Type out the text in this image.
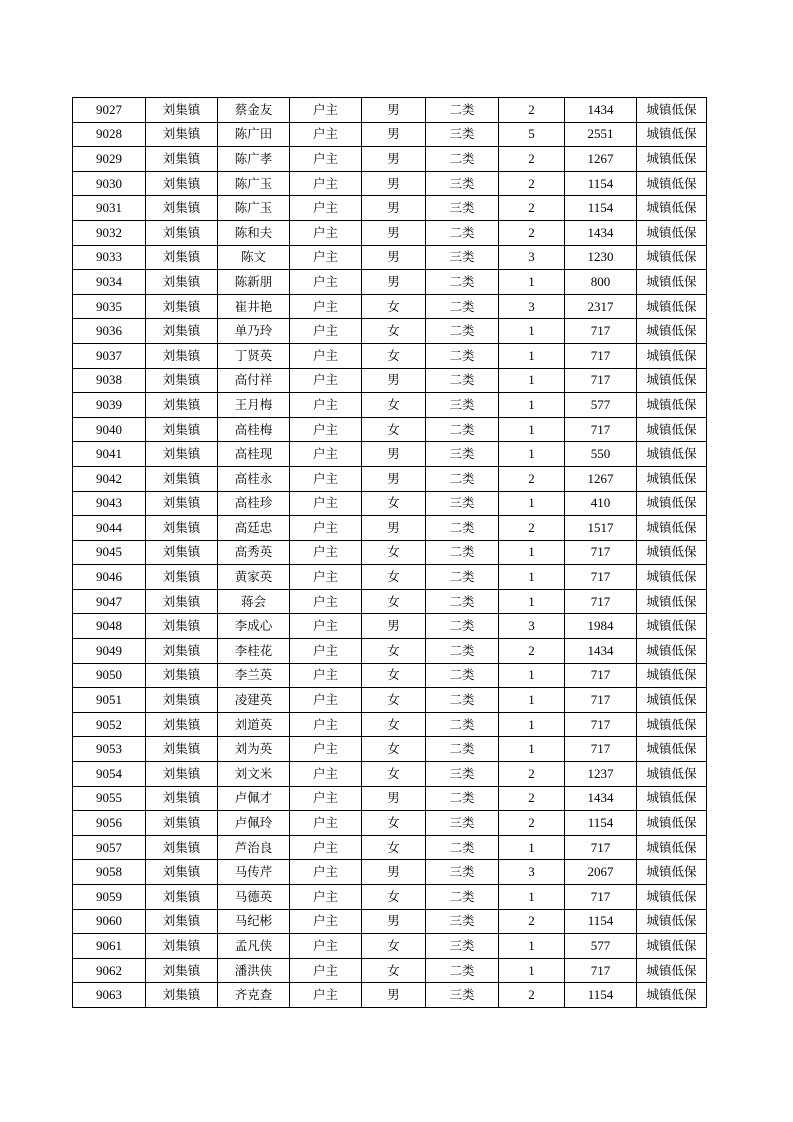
9027	刘集镇	蔡金友	户主	男	二类	2	1434	城镇低保
9028	刘集镇	陈广田	户主	男	三类	5	2551	城镇低保
9029	刘集镇	陈广孝	户主	男	二类	2	1267	城镇低保
9030	刘集镇	陈广玉	户主	男	三类	2	1154	城镇低保
9031	刘集镇	陈广玉	户主	男	三类	2	1154	城镇低保
9032	刘集镇	陈和夫	户主	男	二类	2	1434	城镇低保
9033	刘集镇	陈文	户主	男	三类	3	1230	城镇低保
9034	刘集镇	陈新朋	户主	男	二类	1	800	城镇低保
9035	刘集镇	崔井艳	户主	女	二类	3	2317	城镇低保
9036	刘集镇	单乃玲	户主	女	二类	1	717	城镇低保
9037	刘集镇	丁贤英	户主	女	二类	1	717	城镇低保
9038	刘集镇	高付祥	户主	男	二类	1	717	城镇低保
9039	刘集镇	王月梅	户主	女	三类	1	577	城镇低保
9040	刘集镇	高桂梅	户主	女	二类	1	717	城镇低保
9041	刘集镇	高桂现	户主	男	三类	1	550	城镇低保
9042	刘集镇	高桂永	户主	男	二类	2	1267	城镇低保
9043	刘集镇	高桂珍	户主	女	三类	1	410	城镇低保
9044	刘集镇	高廷忠	户主	男	二类	2	1517	城镇低保
9045	刘集镇	高秀英	户主	女	二类	1	717	城镇低保
9046	刘集镇	黄家英	户主	女	二类	1	717	城镇低保
9047	刘集镇	蒋会	户主	女	二类	1	717	城镇低保
9048	刘集镇	李成心	户主	男	二类	3	1984	城镇低保
9049	刘集镇	李桂花	户主	女	二类	2	1434	城镇低保
9050	刘集镇	李兰英	户主	女	二类	1	717	城镇低保
9051	刘集镇	凌建英	户主	女	二类	1	717	城镇低保
9052	刘集镇	刘道英	户主	女	二类	1	717	城镇低保
9053	刘集镇	刘为英	户主	女	二类	1	717	城镇低保
9054	刘集镇	刘文米	户主	女	三类	2	1237	城镇低保
9055	刘集镇	卢佩才	户主	男	二类	2	1434	城镇低保
9056	刘集镇	卢佩玲	户主	女	三类	2	1154	城镇低保
9057	刘集镇	芦治良	户主	女	二类	1	717	城镇低保
9058	刘集镇	马传芹	户主	男	三类	3	2067	城镇低保
9059	刘集镇	马德英	户主	女	二类	1	717	城镇低保
9060	刘集镇	马纪彬	户主	男	三类	2	1154	城镇低保
9061	刘集镇	孟凡侠	户主	女	三类	1	577	城镇低保
9062	刘集镇	潘洪侠	户主	女	二类	1	717	城镇低保
9063	刘集镇	齐克查	户主	男	三类	2	1154	城镇低保
